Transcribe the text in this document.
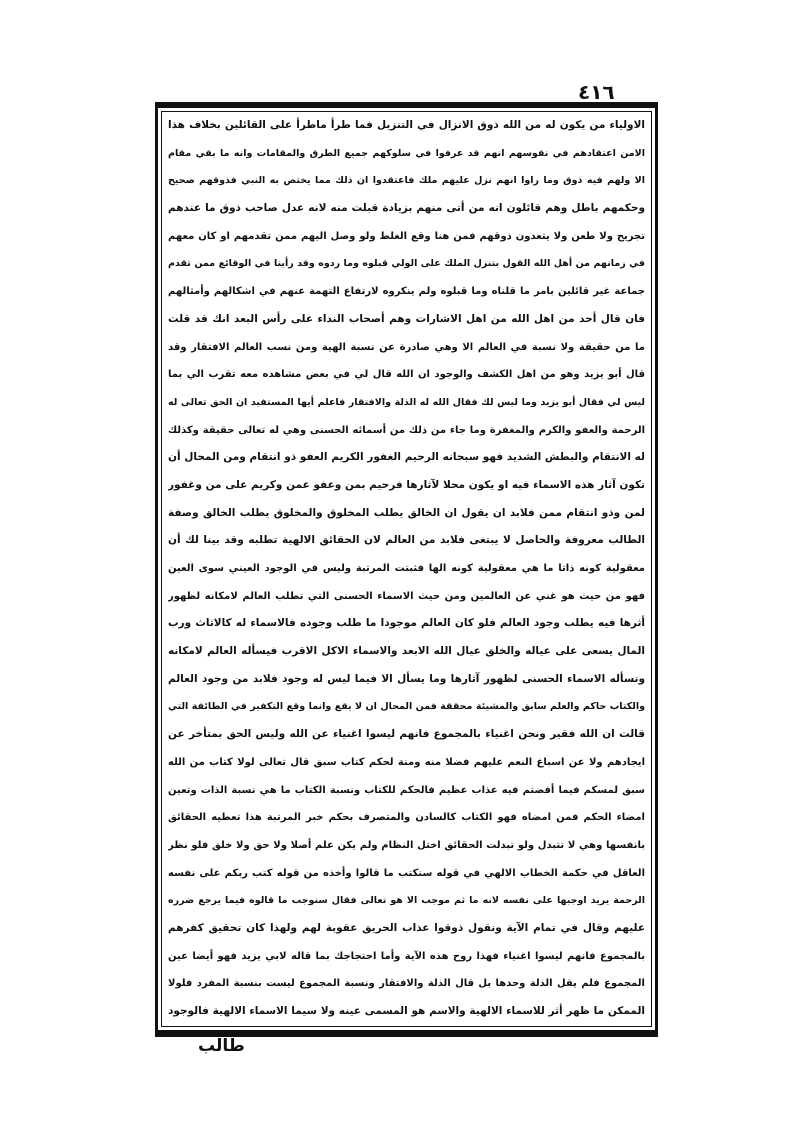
٤١٦
الاولياء من يكون له من الله ذوق الانزال في التنزيل فما طرأ ماطرأ على القائلين بخلاف هذا
الامن اعتقادهم في نفوسهم انهم قد عرفوا في سلوكهم جميع الطرق والمقامات وانه ما بقي مقام
الا ولهم فيه ذوق وما راوا انهم نزل عليهم ملك فاعتقدوا ان ذلك مما يختص به النبي فذوقهم صحيح
وحكمهم باطل وهم قائلون انه من أتى منهم بزيادة قبلت منه لانه عدل صاحب ذوق ما عندهم
تجريح ولا طعن ولا يتعدون ذوقهم فمن هنا وقع الغلط ولو وصل اليهم ممن تقدمهم او كان معهم
في زمانهم من أهل الله القول بتنزل الملك على الولي قبلوه وما ردوه وقد رأينا في الوقائع ممن تقدم
جماعة غير قائلين بامر ما قلناه وما قبلوه ولم ينكروه لارتفاع التهمة عنهم في اشكالهم وأمثالهم
فان قال أحد من اهل الله من اهل الاشارات وهم أصحاب النداء على رأس البعد انك قد قلت
ما من حقيقة ولا نسبة في العالم الا وهي صادرة عن نسبة الهية ومن نسب العالم الافتقار وقد
قال أبو يزيد وهو من اهل الكشف والوجود ان الله قال لي في بعض مشاهده معه تقرب الي بما
ليس لي فقال أبو يزيد وما ليس لك فقال الله له الذلة والافتقار فاعلم أيها المستفيد ان الحق تعالى له
الرحمة والعفو والكرم والمغفرة وما جاء من ذلك من أسمائه الحسنى وهي له تعالى حقيقة وكذلك
له الانتقام والبطش الشديد فهو سبحانه الرحيم الغفور الكريم العفو ذو انتقام ومن المحال أن
تكون آثار هذه الاسماء فيه او يكون محلا لآثارها فرحيم بمن وعفو عمن وكريم على من وغفور
لمن وذو انتقام ممن فلابد ان يقول ان الخالق يطلب المخلوق والمخلوق يطلب الخالق وصفة
الطالب معروفة والحاصل لا يبتغى فلابد من العالم لان الحقائق الالهية تطلبه وقد بينا لك أن
معقولية كونه ذاتا ما هي معقولية كونه الها فثبتت المرتبة وليس في الوجود العيني سوى العين
فهو من حيث هو غني عن العالمين ومن حيث الاسماء الحسنى التي تطلب العالم لامكانه لظهور
أثرها فيه يطلب وجود العالم فلو كان العالم موجودا ما طلب وجوده فالاسماء له كالاثاث ورب
المال يسعى على عياله والخلق عيال الله الابعد والاسماء الاكل الاقرب فيسأله العالم لامكانه
وتسأله الاسماء الحسنى لظهور آثارها وما يسأل الا فيما ليس له وجود فلابد من وجود العالم
والكتاب حاكم والعلم سابق والمشيئة محققة فمن المحال ان لا يقع وانما وقع التكفير في الطائفة التي
قالت ان الله فقير ونحن اغنياء بالمجموع فانهم ليسوا اغنياء عن الله وليس الحق بمتأخر عن
ايجادهم ولا عن اسباغ النعم عليهم فضلا منه ومنة لحكم كتاب سبق قال تعالى لولا كتاب من الله
سبق لمسكم فيما أفضتم فيه عذاب عظيم فالحكم للكتاب ونسبة الكتاب ما هي نسبة الذات وتعين
امضاء الحكم فمن امضاه فهو الكتاب كالسادن والمتصرف بحكم خبر المرتبة هذا تعطيه الحقائق
بانفسها وهي لا تتبدل ولو تبدلت الحقائق اختل النظام ولم يكن علم أصلا ولا حق ولا خلق فلو نظر
العاقل في حكمة الخطاب الالهي في قوله سنكتب ما قالوا وأخذه من قوله كتب ربكم على نفسه
الرحمة يريد اوجبها على نفسه لانه ما ثم موجب الا هو تعالى فقال سنوجب ما قالوه فيما يرجع ضرره
عليهم وقال في تمام الآية ونقول ذوقوا عذاب الحريق عقوبة لهم ولهذا كان تحقيق كفرهم
بالمجموع فانهم ليسوا اغنياء فهذا روح هذه الآية وأما احتجاجك بما قاله لابي يزيد فهو أيضا عين
المجموع فلم يقل الذلة وحدها بل قال الذلة والافتقار ونسبة المجموع ليست بنسبة المفرد فلولا
الممكن ما ظهر أثر للاسماء الالهية والاسم هو المسمى عينه ولا سيما الاسماء الالهية فالوجود
طالب
